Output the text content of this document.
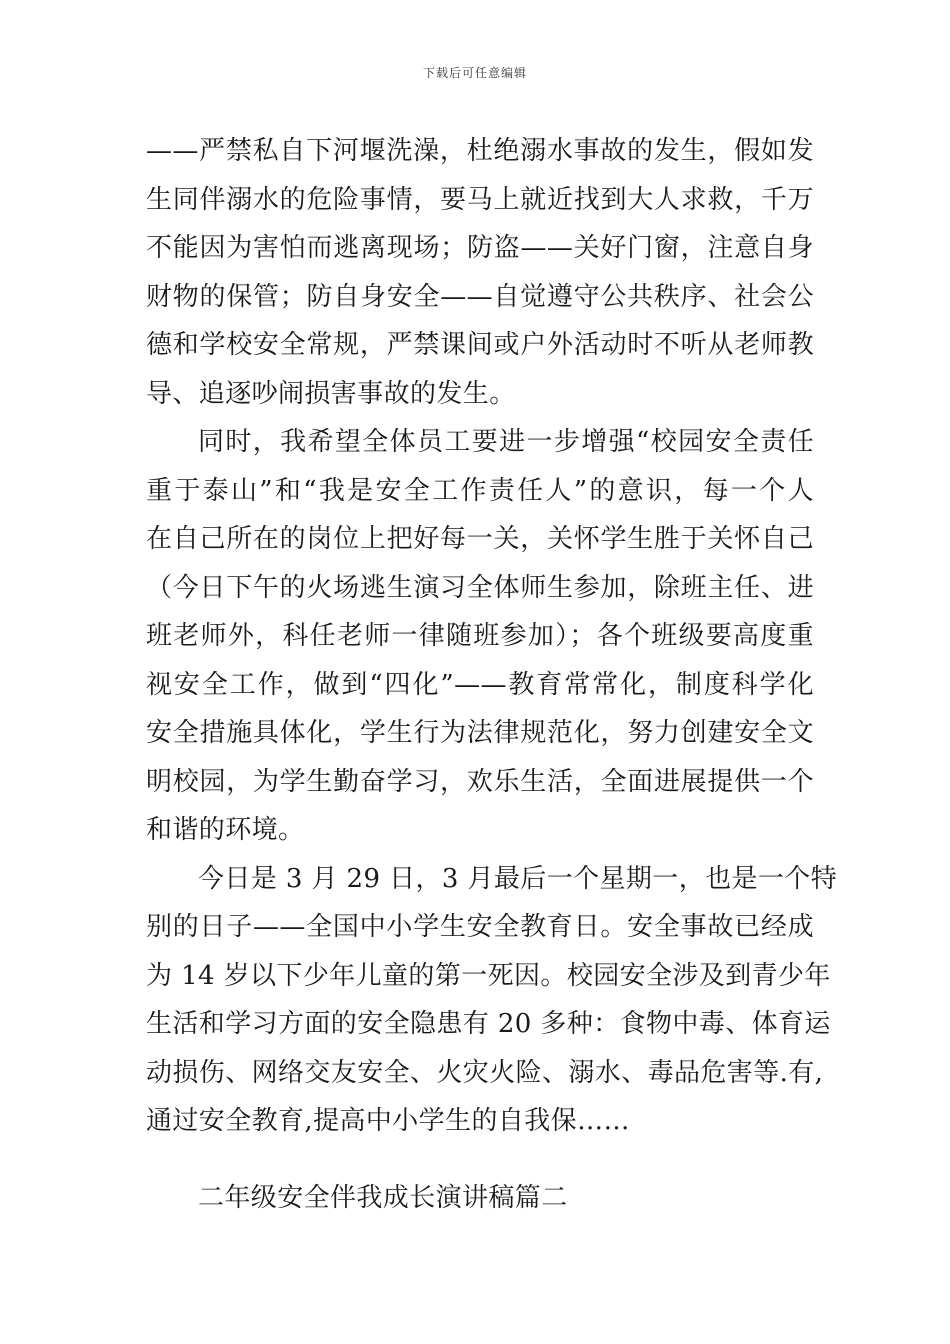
下载后可任意编辑
——严禁私自下河堰洗澡，杜绝溺水事故的发生，假如发
生同伴溺水的危险事情，要马上就近找到大人求救，千万
不能因为害怕而逃离现场；防盗——关好门窗，注意自身
财物的保管；防自身安全——自觉遵守公共秩序、社会公
德和学校安全常规，严禁课间或户外活动时不听从老师教
导、追逐吵闹损害事故的发生。
同时，我希望全体员工要进一步增强“校园安全责任
重于泰山”和“我是安全工作责任人”的意识，每一个人
在自己所在的岗位上把好每一关，关怀学生胜于关怀自己
（今日下午的火场逃生演习全体师生参加，除班主任、进
班老师外，科任老师一律随班参加）；各个班级要高度重
视安全工作，做到“四化”——教育常常化，制度科学化
安全措施具体化，学生行为法律规范化，努力创建安全文
明校园，为学生勤奋学习，欢乐生活，全面进展提供一个
和谐的环境。
今日是 3 月 29 日，3 月最后一个星期一，也是一个特
别的日子——全国中小学生安全教育日。安全事故已经成
为 14 岁以下少年儿童的第一死因。校园安全涉及到青少年
生活和学习方面的安全隐患有 20 多种：食物中毒、体育运
动损伤、网络交友安全、火灾火险、溺水、毒品危害等.有,
通过安全教育,提高中小学生的自我保……
二年级安全伴我成长演讲稿篇二
